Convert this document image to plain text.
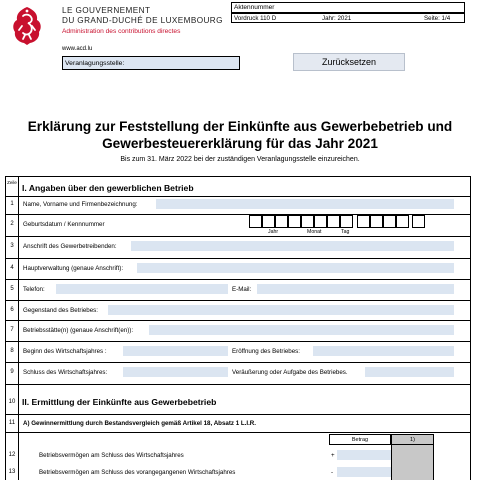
LE GOUVERNEMENT
DU GRAND-DUCHÉ DE LUXEMBOURG
Administration des contributions directes
www.acd.lu
Aktennummer
Vordruck 110 D	Jahr: 2021	Seite: 1/4
Veranlagungsstelle:	Zurücksetzen
Erklärung zur Feststellung der Einkünfte aus Gewerbebetrieb und
Gewerbesteuererklärung für das Jahr 2021
Bis zum 31. März 2022 bei der zuständigen Veranlagungsstelle einzureichen.
Zeile
I. Angaben über den gewerblichen Betrieb
1	Name, Vorname und Firmenbezeichnung:
2	Geburtsdatum / Kennnummer
Jahr	Monat	Tag
3	Anschrift des Gewerbetreibenden:
4	Hauptverwaltung (genaue Anschrift):
5	Telefon:	E-Mail:
6	Gegenstand des Betriebes:
7	Betriebsstätte(n) (genaue Anschrift(en)):
8	Beginn des Wirtschaftsjahres :	Eröffnung des Betriebes:
9	Schluss des Wirtschaftsjahres:	Veräußerung oder Aufgabe des Betriebes.
10 II. Ermittlung der Einkünfte aus Gewerbebetrieb
11	A) Gewinnermittlung durch Bestandsvergleich gemäß Artikel 18, Absatz 1 L.I.R.
Betrag	1)
12	Betriebsvermögen am Schluss des Wirtschaftsjahres	+
13	Betriebsvermögen am Schluss des vorangegangenen Wirtschaftsjahres	-
